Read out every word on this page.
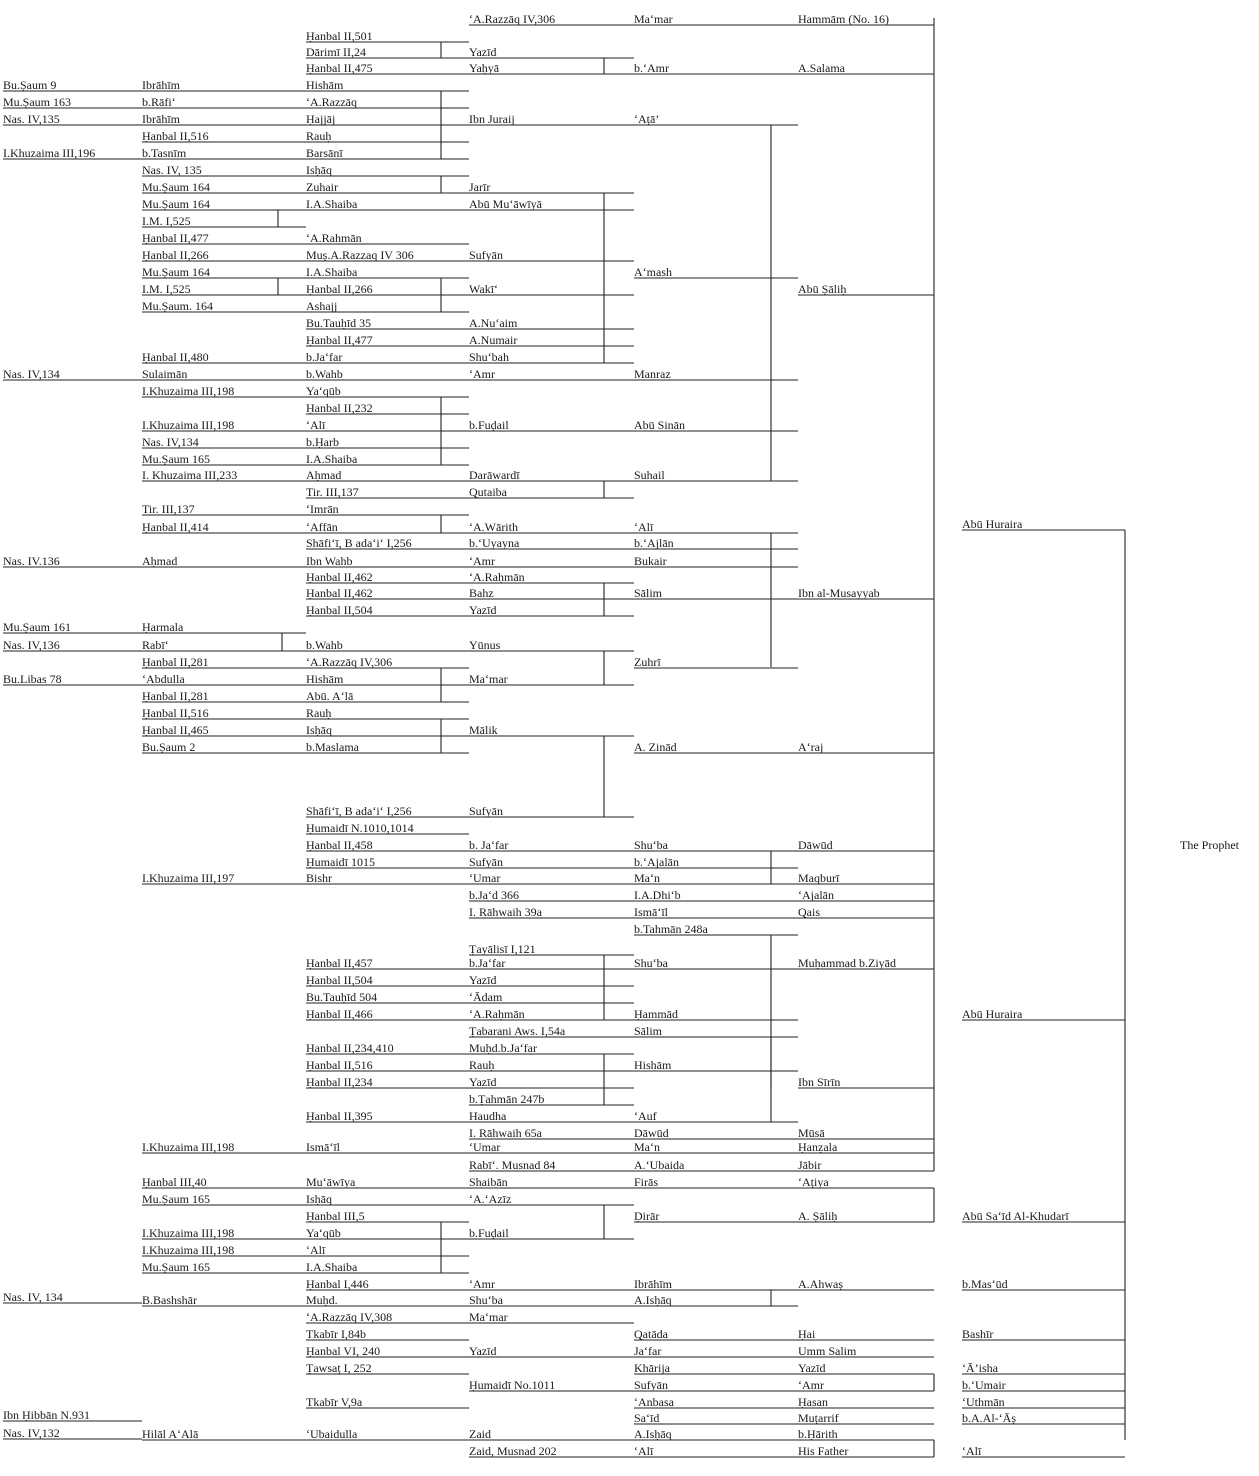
Bu.Ṣaum 9
Mu.Ṣaum 163
Nas. IV,135
I.Khuzaima III,196
Nas. IV,134
Nas. IV.136
Mu.Ṣaum 161
Nas. IV,136
Bu.Libas 78
Nas. IV, 134
Ibn Ḥibbān N.931
Nas. IV,132
Ibrāhīm
b.Rāfi‘
Ibrāhīm
Ḥanbal II,516
b.Tasnīm
Nas. IV, 135
Mu.Ṣaum 164
Mu.Ṣaum 164
I.M. I,525
Ḥanbal II,477
Ḥanbal II,266
Mu.Ṣaum 164
I.M. I,525
Mu.Ṣaum. 164
Ḥanbal II,480
Sulaimān
I.Khuzaima III,198
I.Khuzaima III,198
Nas. IV,134
Mu.Ṣaum 165
I. Khuzaima III,233
Tir. III,137
Ḥanbal II,414
Aḥmad
Ḥarmala
Rabī‘
Ḥanbal II,281
‘Abdulla
Ḥanbal II,281
Ḥanbal II,516
Ḥanbal II,465
Bu.Ṣaum 2
I.Khuzaima III,197
I.Khuzaima III,198
Ḥanbal III,40
Mu.Ṣaum 165
I.Khuzaima III,198
I.Khuzaima III,198
Mu.Ṣaum 165
B.Bashshār
Hilāl A‘Alā
Ḥanbal II,501
Dārimī II,24
Ḥanbal II,475
Hishām
‘A.Razzāq
Ḥajjāj
Rauḥ
Barsānī
Isḥāq
Zuhair
I.A.Shaiba
‘A.Rahmān
Muṣ.A.Razzaq IV 306
I.A.Shaiba
Ḥanbal II,266
Ashajj
Bu.Tauḥīd 35
Ḥanbal II,477
b.Ja‘far
b.Wahb
Ya‘qūb
Ḥanbal II,232
‘Alī
b.Ḥarb
I.A.Shaiba
Aḥmad
Tir. III,137
‘Imrān
‘Affān
Shāfi‘ī, B ada‘i‘ I,256
Ibn Wahb
Ḥanbal II,462
Ḥanbal II,462
Ḥanbal II,504
b.Wahb
‘A.Razzāq IV,306
Hishām
Abū. A‘lā
Rauḥ
Isḥāq
b.Maslama
Shāfi‘ī, B ada‘i‘ I,256
Ḥumaidī N.1010,1014
Ḥanbal II,458
Ḥumaidī 1015
Bishr
Ḥanbal II,457
Ḥanbal II,504
Bu.Tauḥīd 504
Ḥanbal II,466
Ḥanbal II,234,410
Ḥanbal II,516
Ḥanbal II,234
Ḥanbal II,395
Ismā‘īl
Mu‘āwīya
Isḥāq
Ḥanbal III,5
Ya‘qūb
‘Alī
I.A.Shaiba
Ḥanbal I,446
Muḥd.
‘A.Razzāq IV,308
Tkabīr I,84b
Ḥanbal VI, 240
Ṭawsaṭ I, 252
Tkabīr V,9a
‘Ubaidulla
‘A.Razzāq IV,306
Yazīd
Yaḥyā
Ibn Juraij
Jarīr
Abū Mu‘āwīyā
Sufyān
Wakī‘
A.Nu‘aim
A.Numair
Shu‘bah
‘Amr
b.Fuḍail
Darāwardī
Qutaiba
‘A.Wārith
b.‘Uyayna
‘Amr
‘A.Raḥmān
Bahz
Yazīd
Yūnus
Ma‘mar
Mālik
Sufyān
b. Ja‘far
Sufyān
‘Umar
b.Ja‘d 366
I. Rāhwaih 39a
Ṭayālisī I,121
b.Ja‘far
Yazīd
‘Ādam
‘A.Raḥmān
Ṭabarani Aws. I,54a
Muḥd.b.Ja‘far
Rauḥ
Yazīd
b.Ṭahmān 247b
Haudha
I. Rāhwaih 65a
‘Umar
Rabī‘. Musnad 84
Shaibān
‘A.‘Azīz
b.Fuḍail
‘Amr
Shu‘ba
Ma‘mar
Yazīd
Ḥumaidī No.1011
Zaid
Zaid, Musnad 202
Ma‘mar
b.‘Amr
‘Aṭā’
A‘mash
Manraz
Abū Sinān
Suhail
‘Alī
b.‘Ajlān
Bukair
Sālim
Zuhrī
A. Zinād
Shu‘ba
b.‘Ajalān
Ma‘n
I.A.Dhi‘b
Ismā‘īl
b.Tahmān 248a
Shu‘ba
Ḥammād
Sālim
Hishām
‘Auf
Dāwūd
Ma‘n
A.‘Ubaida
Firās
Ḍirār
Ibrāhīm
A.Isḥāq
Qatāda
Ja‘far
Khārija
Sufyān
‘Anbasa
Sa‘īd
A.Isḥāq
‘Alī
Hammām (No. 16)
A.Salama
Abū Ṣāliḥ
Ibn al-Musayyab
A‘raj
Dāwūd
Maqburī
‘Ajalān
Qais
Muḥammad b.Ziyād
Ibn Sīrīn
Mūsā
Ḥanẓala
Jābir
‘Aṭiya
A. Ṣāliḥ
A.Ahwaṣ
Ḥai
Umm Salim
Yazīd
‘Amr
Ḥasan
Muṭarrif
b.Ḥārith
His Father
Abū Huraira
Abū Huraira
Abū Sa‘īd Al-Khudarī
b.Mas‘ūd
Bashīr
‘Ā’isha
b.‘Umair
‘Uthmān
b.A.Al-‘Āṣ
‘Alī
The Prophet
